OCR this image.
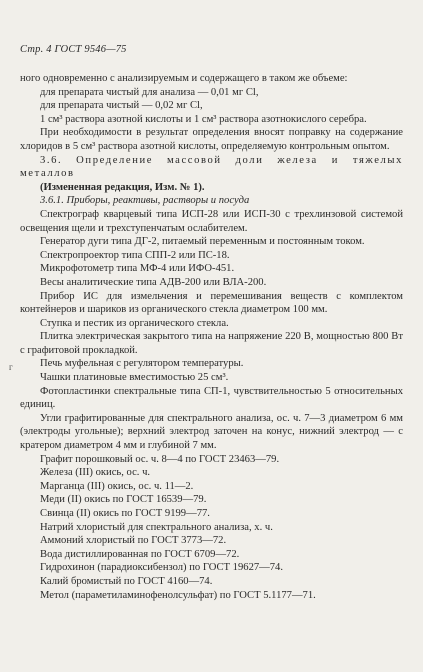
Стр. 4 ГОСТ 9546—75
г

ного одновременно с анализируемым и содержащего в таком же объеме:

для препарата чистый для анализа — 0,01 мг Cl,

для препарата чистый — 0,02 мг Cl,

1 см³ раствора азотной кислоты и 1 см³ раствора азотнокислого серебра.

При необходимости в результат определения вносят поправку на содержание хлоридов в 5 см³ раствора азотной кислоты, определяемую контрольным опытом.

3.6. Определение массовой доли железа и тяжелых металлов

(Измененная редакция, Изм. № 1).

3.6.1. Приборы, реактивы, растворы и посуда

Спектрограф кварцевый типа ИСП-28 или ИСП-30 с трехлинзовой системой освещения щели и трехступенчатым ослабителем.

Генератор дуги типа ДГ-2, питаемый переменным и постоянным током.

Спектропроектор типа СПП-2 или ПС-18.

Микрофотометр типа МФ-4 или ИФО-451.

Весы аналитические типа АДВ-200 или ВЛА-200.

Прибор ИС для измельчения и перемешивания веществ с комплектом контейнеров и шариков из органического стекла диаметром 100 мм.

Ступка и пестик из органического стекла.

Плитка электрическая закрытого типа на напряжение 220 В, мощностью 800 Вт с графитовой прокладкой.

Печь муфельная с регулятором температуры.

Чашки платиновые вместимостью 25 см³.

Фотопластинки спектральные типа СП-1, чувствительностью 5 относительных единиц.

Угли графитированные для спектрального анализа, ос. ч. 7—3 диаметром 6 мм (электроды угольные); верхний электрод заточен на конус, нижний электрод — с кратером диаметром 4 мм и глубиной 7 мм.

Графит порошковый ос. ч. 8—4 по ГОСТ 23463—79.

Железа (III) окись, ос. ч.

Марганца (III) окись, ос. ч. 11—2.

Меди (II) окись по ГОСТ 16539—79.

Свинца (II) окись по ГОСТ 9199—77.

Натрий хлористый для спектрального анализа, х. ч.

Аммоний хлористый по ГОСТ 3773—72.

Вода дистиллированная по ГОСТ 6709—72.

Гидрохинон (парадиоксибензол) по ГОСТ 19627—74.

Калий бромистый по ГОСТ 4160—74.

Метол (параметиламинофенолсульфат) по ГОСТ 5.1177—71.
